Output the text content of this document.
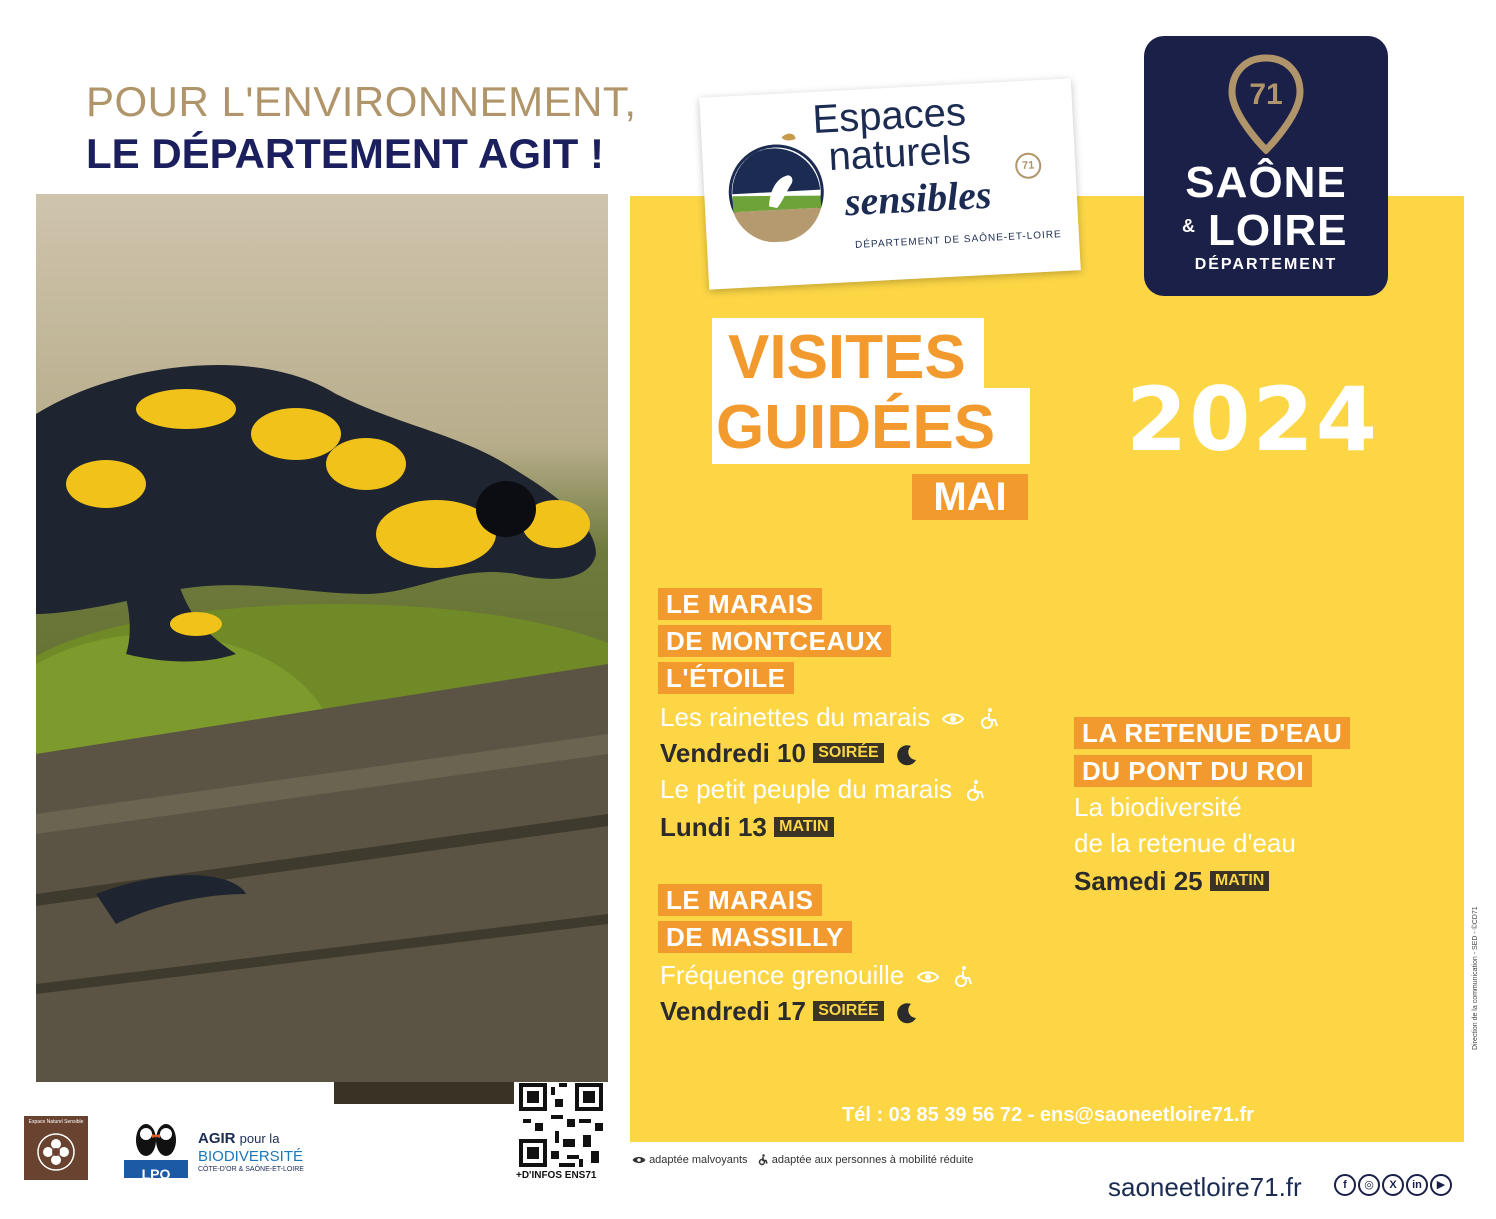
POUR L'ENVIRONNEMENT,
LE DÉPARTEMENT AGIT !
Espaces
naturels
sensibles
71
DÉPARTEMENT DE SAÔNE-ET-LOIRE
71
SAÔNE
& LOIRE
DÉPARTEMENT
VISITES
GUIDÉES
MAI
2024
LE MARAIS
DE MONTCEAUX
L'ÉTOILE
Les rainettes du marais
Vendredi 10 SOIRÉE
Le petit peuple du marais
Lundi 13 MATIN
LE MARAIS
DE MASSILLY
Fréquence grenouille
Vendredi 17 SOIRÉE
LA RETENUE D'EAU
DU PONT DU ROI
La biodiversité
de la retenue d'eau
Samedi 25 MATIN
Tél : 03 85 39 56 72 - ens@saoneetloire71.fr
Direction de la communication - SED - ©CD71
adaptée malvoyants adaptée aux personnes à mobilité réduite
saoneetloire71.fr	f	◎	X	in	▶
+D'INFOS ENS71
Espace Naturel Sensible
LPO
AGIR pour la
BIODIVERSITÉ
CÔTE-D'OR & SAÔNE-ET-LOIRE
